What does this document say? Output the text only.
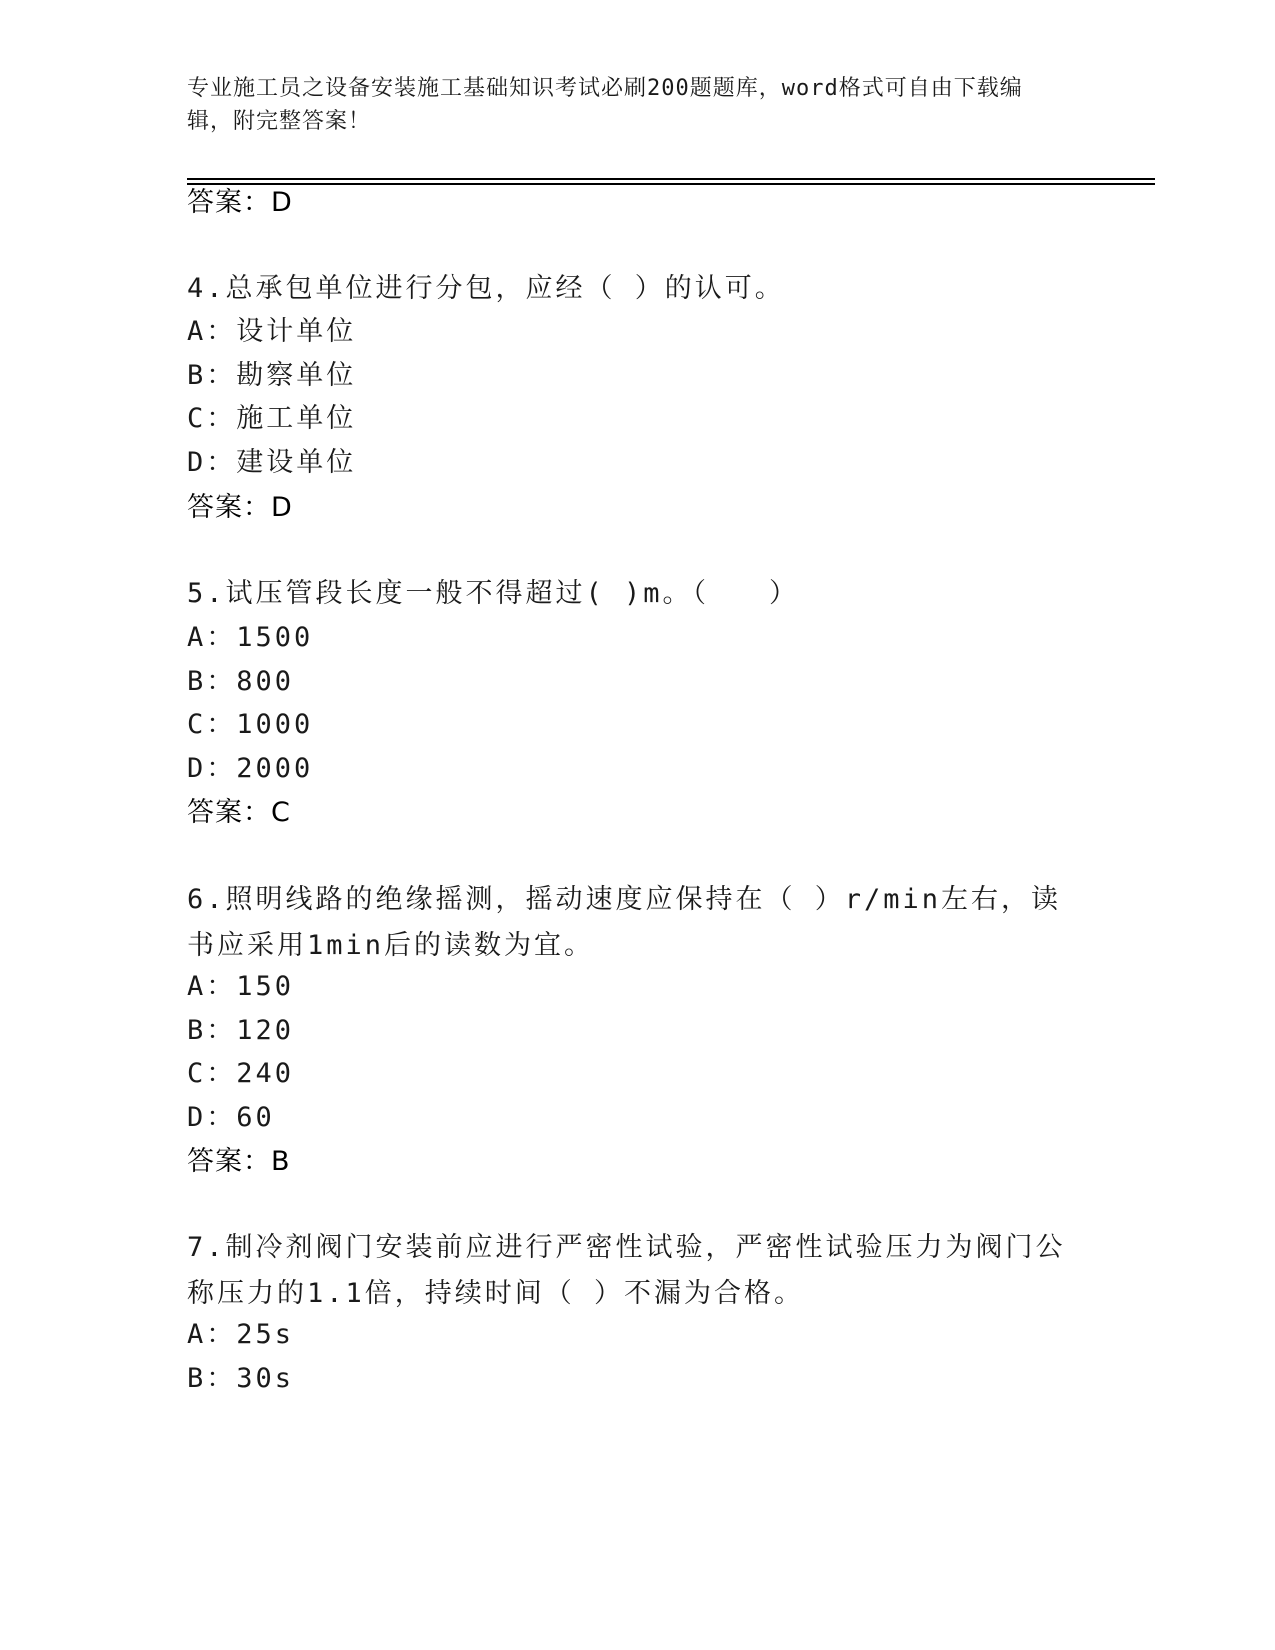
专业施工员之设备安装施工基础知识考试必刷200题题库，word格式可自由下载编辑，附完整答案！
答案：D
4.总承包单位进行分包，应经（ ）的认可。
A：设计单位
B：勘察单位
C：施工单位
D：建设单位
答案：D
5.试压管段长度一般不得超过( )m。（　　）
A：1500
B：800
C：1000
D：2000
答案：C
6.照明线路的绝缘摇测，摇动速度应保持在（ ）r/min左右，读书应采用1min后的读数为宜。
A：150
B：120
C：240
D：60
答案：B
7.制冷剂阀门安装前应进行严密性试验，严密性试验压力为阀门公称压力的1.1倍，持续时间（ ）不漏为合格。
A：25s
B：30s
